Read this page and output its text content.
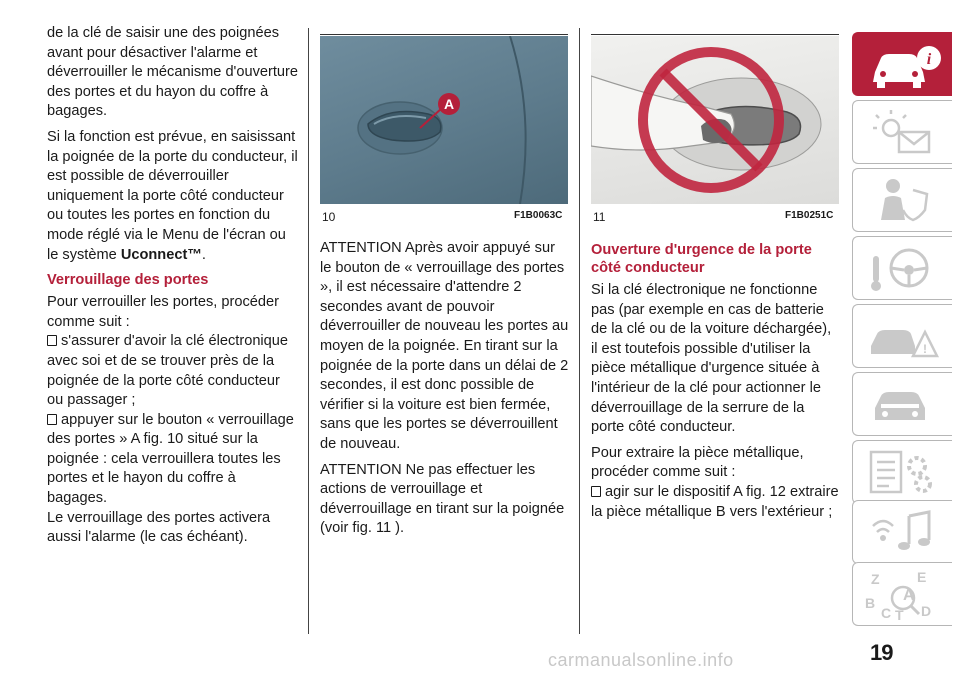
de la clé de saisir une des poignées avant pour désactiver l'alarme et déverrouiller le mécanisme d'ouverture des portes et du hayon du coffre à bagages.

Si la fonction est prévue, en saisissant la poignée de la porte du conducteur, il est possible de déverrouiller uniquement la porte côté conducteur ou toutes les portes en fonction du mode réglé via le Menu de l'écran ou le système Uconnect™.

Verrouillage des portes

Pour verrouiller les portes, procéder comme suit :

s'assurer d'avoir la clé électronique avec soi et de se trouver près de la poignée de la porte côté conducteur ou passager ;

appuyer sur le bouton « verrouillage des portes » A fig. 10 situé sur la poignée : cela verrouillera toutes les portes et le hayon du coffre à bagages.

Le verrouillage des portes activera aussi l'alarme (le cas échéant).

A
10	F1B0063C	11	F1B0251C

ATTENTION Après avoir appuyé sur le bouton de « verrouillage des portes », il est nécessaire d'attendre 2 secondes avant de pouvoir déverrouiller de nouveau les portes au moyen de la poignée. En tirant sur la poignée de la porte dans un délai de 2 secondes, il est donc possible de vérifier si la voiture est bien fermée, sans que les portes se déverrouillent de nouveau.

ATTENTION Ne pas effectuer les actions de verrouillage et déverrouillage en tirant sur la poignée (voir fig. 11 ).

Ouverture d'urgence de la porte côté conducteur

Si la clé électronique ne fonctionne pas (par exemple en cas de batterie de la clé ou de la voiture déchargée), il est toutefois possible d'utiliser la pièce métallique d'urgence située à l'intérieur de la clé pour actionner le déverrouillage de la serrure de la porte côté conducteur.

Pour extraire la pièce métallique, procéder comme suit :

agir sur le dispositif A fig. 12 extraire la pièce métallique B vers l'extérieur ;

i
!
Z	E
A
B
C T D
19
carmanualsonline.info
